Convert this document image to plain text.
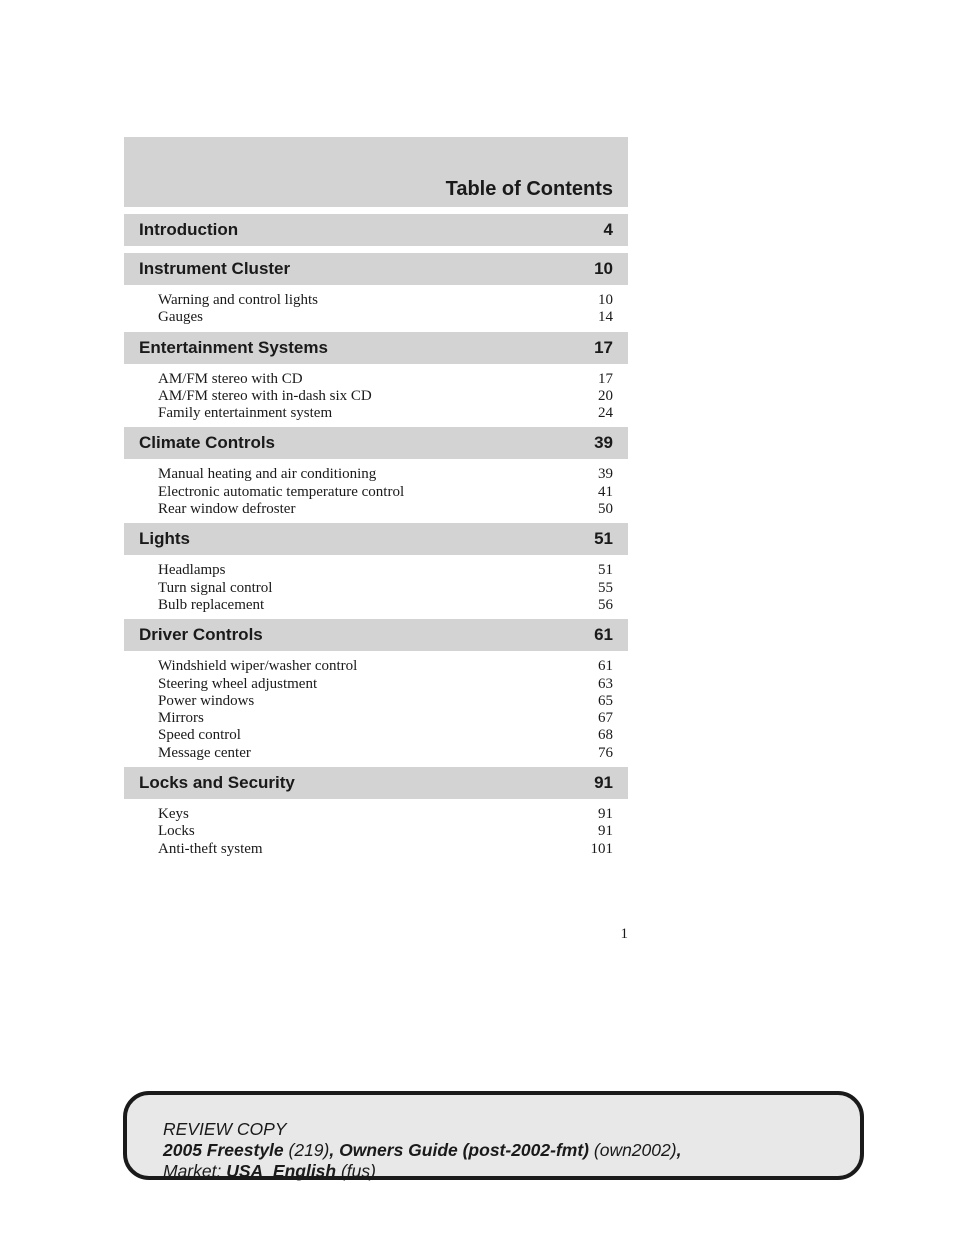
Table of Contents
Introduction	4
Instrument Cluster	10
Warning and control lights	10
Gauges	14
Entertainment Systems	17
AM/FM stereo with CD	17
AM/FM stereo with in-dash six CD	20
Family entertainment system	24
Climate Controls	39
Manual heating and air conditioning	39
Electronic automatic temperature control	41
Rear window defroster	50
Lights	51
Headlamps	51
Turn signal control	55
Bulb replacement	56
Driver Controls	61
Windshield wiper/washer control	61
Steering wheel adjustment	63
Power windows	65
Mirrors	67
Speed control	68
Message center	76
Locks and Security	91
Keys	91
Locks	91
Anti-theft system	101
1
REVIEW COPY
2005 Freestyle (219), Owners Guide (post-2002-fmt) (own2002),
Market: USA_English (fus)
